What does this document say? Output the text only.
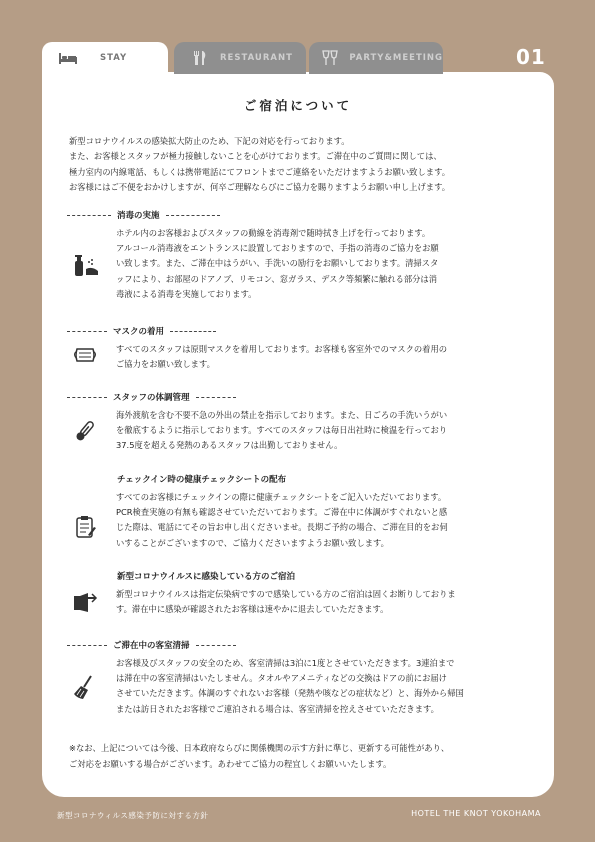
STAY	RESTAURANT	PARTY&MEETING	01
ご宿泊について

新型コロナウイルスの感染拡大防止のため、下記の対応を行っております。

また、お客様とスタッフが極力接触しないことを心がけております。ご滞在中のご質問に関しては、

極力室内の内線電話、もしくは携帯電話にてフロントまでご連絡をいただけますようお願い致します。

お客様にはご不便をおかけしますが、何卒ご理解ならびにご協力を賜りますようお願い申し上げます。

消毒の実施

ホテル内のお客様およびスタッフの動線を消毒剤で随時拭き上げを行っております。

アルコール消毒液をエントランスに設置しておりますので、手指の消毒のご協力をお願

い致します。また、ご滞在中はうがい、手洗いの励行をお願いしております。清掃スタ

ッフにより、お部屋のドアノブ、リモコン、窓ガラス、デスク等頻繁に触れる部分は消

毒液による消毒を実施しております。

マスクの着用

すべてのスタッフは原則マスクを着用しております。お客様も客室外でのマスクの着用の

ご協力をお願い致します。

スタッフの体調管理

海外渡航を含む不要不急の外出の禁止を指示しております。また、日ごろの手洗いうがい

を徹底するように指示しております。すべてのスタッフは毎日出社時に検温を行っており

37.5度を超える発熱のあるスタッフは出勤しておりません。

チェックイン時の健康チェックシートの配布

すべてのお客様にチェックインの際に健康チェックシートをご記入いただいております。

PCR検査実施の有無も確認させていただいております。ご滞在中に体調がすぐれないと感

じた際は、電話にてその旨お申し出くださいませ。長期ご予約の場合、ご滞在目的をお伺

いすることがございますので、ご協力くださいますようお願い致します。

新型コロナウイルスに感染している方のご宿泊

新型コロナウイルスは指定伝染病ですので感染している方のご宿泊は固くお断りしておりま

す。滞在中に感染が確認されたお客様は速やかに退去していただきます。

ご滞在中の客室清掃

お客様及びスタッフの安全のため、客室清掃は3泊に1度とさせていただきます。3連泊まで

は滞在中の客室清掃はいたしません。タオルやアメニティなどの交換はドアの前にお届け

させていただきます。体調のすぐれないお客様（発熱や咳などの症状など）と、海外から帰国

または訪日されたお客様でご連泊される場合は、客室清掃を控えさせていただきます。

※なお、上記については今後、日本政府ならびに関係機関の示す方針に準じ、更新する可能性があり、

ご対応をお願いする場合がございます。あわせてご協力の程宜しくお願いいたします。

新型コロナウィルス感染予防に対する方針	HOTEL THE KNOT YOKOHAMA
